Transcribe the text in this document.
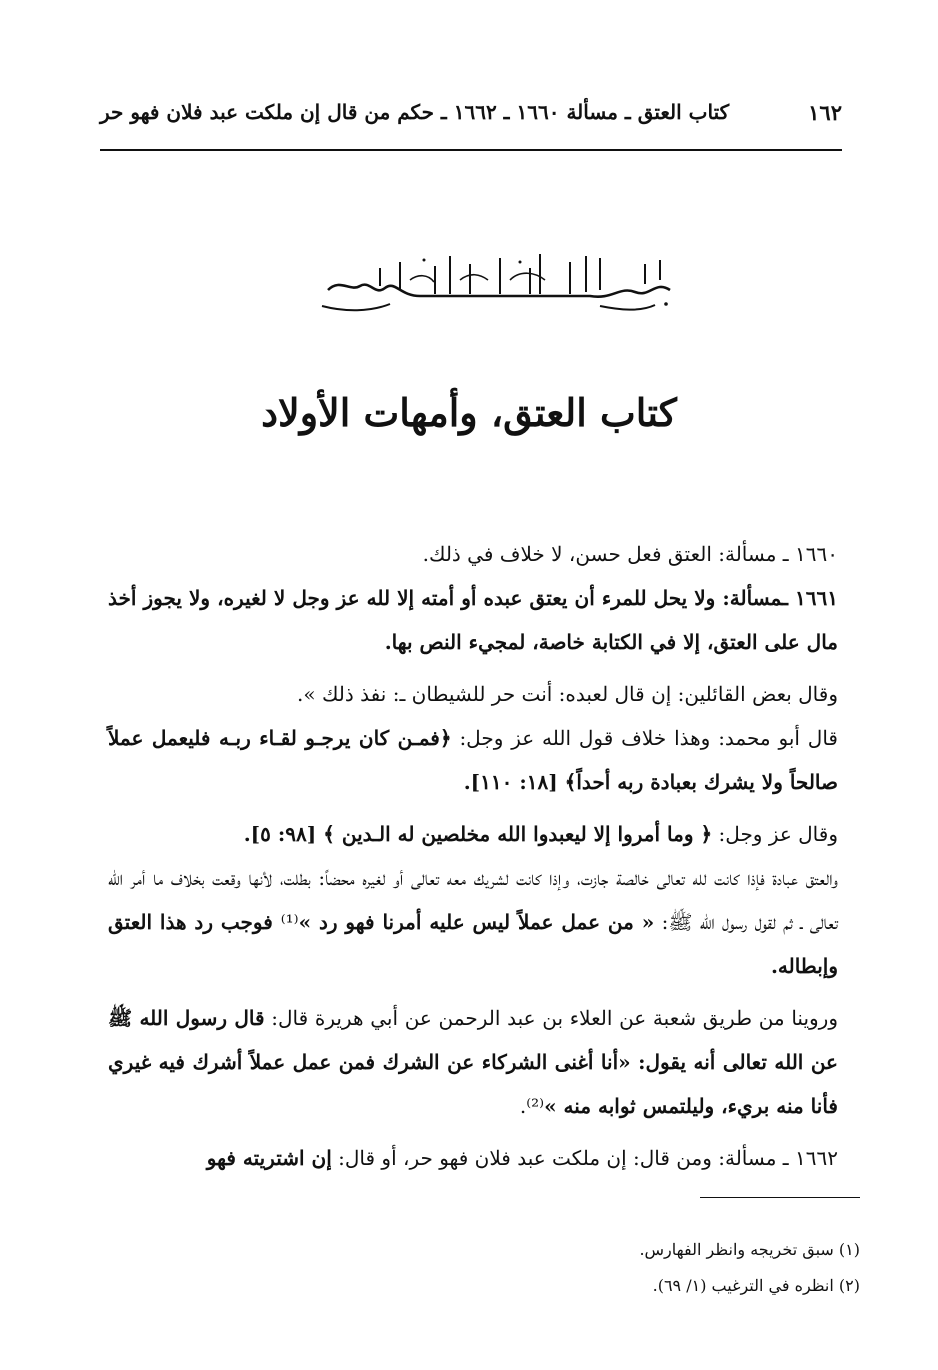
١٦٢
كتاب العتق ـ مسألة ١٦٦٠ ـ ١٦٦٢ ـ حكم من قال إن ملكت عبد فلان فهو حر
بسم الله الرحمن الرحيم
كتاب العتق، وأمهات الأولاد

١٦٦٠ ـ مسألة: العتق فعل حسن، لا خلاف في ذلك.

١٦٦١ ـمسألة: ولا يحل للمرء أن يعتق عبده أو أمته إلا لله عز وجل لا لغيره، ولا يجوز أخذ مال على العتق، إلا في الكتابة خاصة، لمجيء النص بها.

وقال بعض القائلين: إن قال لعبده: أنت حر للشيطان ـ: نفذ ذلك ».

قال أبو محمد: وهذا خلاف قول الله عز وجل: ﴿فمـن كان يرجـو لقـاء ربـه فليعمل عملاً صالحاً ولا يشرك بعبادة ربه أحداً﴾ [١٨: ١١٠].

وقال عز وجل: ﴿ وما أمروا إلا ليعبدوا الله مخلصين له الـدين ﴾ [٩٨: ٥].

والعتق عبادة فإذا كانت لله تعالى خالصة جازت، وإذا كانت لشريك معه تعالى أو لغيره محضاً: بطلت، لأنها وقعت بخلاف ما أمر الله تعالى ـ ثم لقول رسول الله ﷺ: « من عمل عملاً ليس عليه أمرنا فهو رد »⁽¹⁾ فوجب رد هذا العتق وإبطاله.

وروينا من طريق شعبة عن العلاء بن عبد الرحمن عن أبي هريرة قال: قال رسول الله ﷺ عن الله تعالى أنه يقول: «أنا أغنى الشركاء عن الشرك فمن عمل عملاً أشرك فيه غيري فأنا منه بريء، وليلتمس ثوابه منه »⁽²⁾.

١٦٦٢ ـ مسألة: ومن قال: إن ملكت عبد فلان فهو حر، أو قال: إن اشتريته فهو

(١) سبق تخريجه وانظر الفهارس.

(٢) انظره في الترغيب (١/ ٦٩).
